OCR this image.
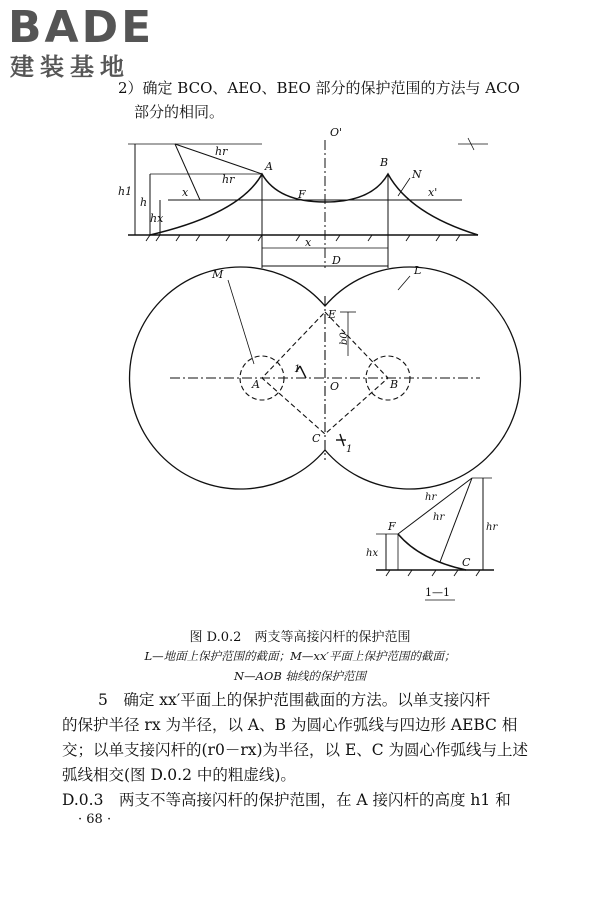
BADE
建装基地
2）确定 BCO、AEO、BEO 部分的保护范围的方法与 ACO
部分的相同。
O'
A	B
N
F
x	x'
h1
h
hx
hr
hr
x
D
M	L
E
A	B
O
C
b0
1
1
F
C
hx
hr
hr
hr
1—1
图 D.0.2　两支等高接闪杆的保护范围
L—地面上保护范围的截面；M—xx′平面上保护范围的截面；
N—AOB 轴线的保护范围
5　确定 xx′平面上的保护范围截面的方法。以单支接闪杆
的保护半径 rx 为半径，以 A、B 为圆心作弧线与四边形 AEBC 相
交；以单支接闪杆的(r0－rx)为半径，以 E、C 为圆心作弧线与上述
弧线相交(图 D.0.2 中的粗虚线)。
D.0.3　两支不等高接闪杆的保护范围，在 A 接闪杆的高度 h1 和
· 68 ·
